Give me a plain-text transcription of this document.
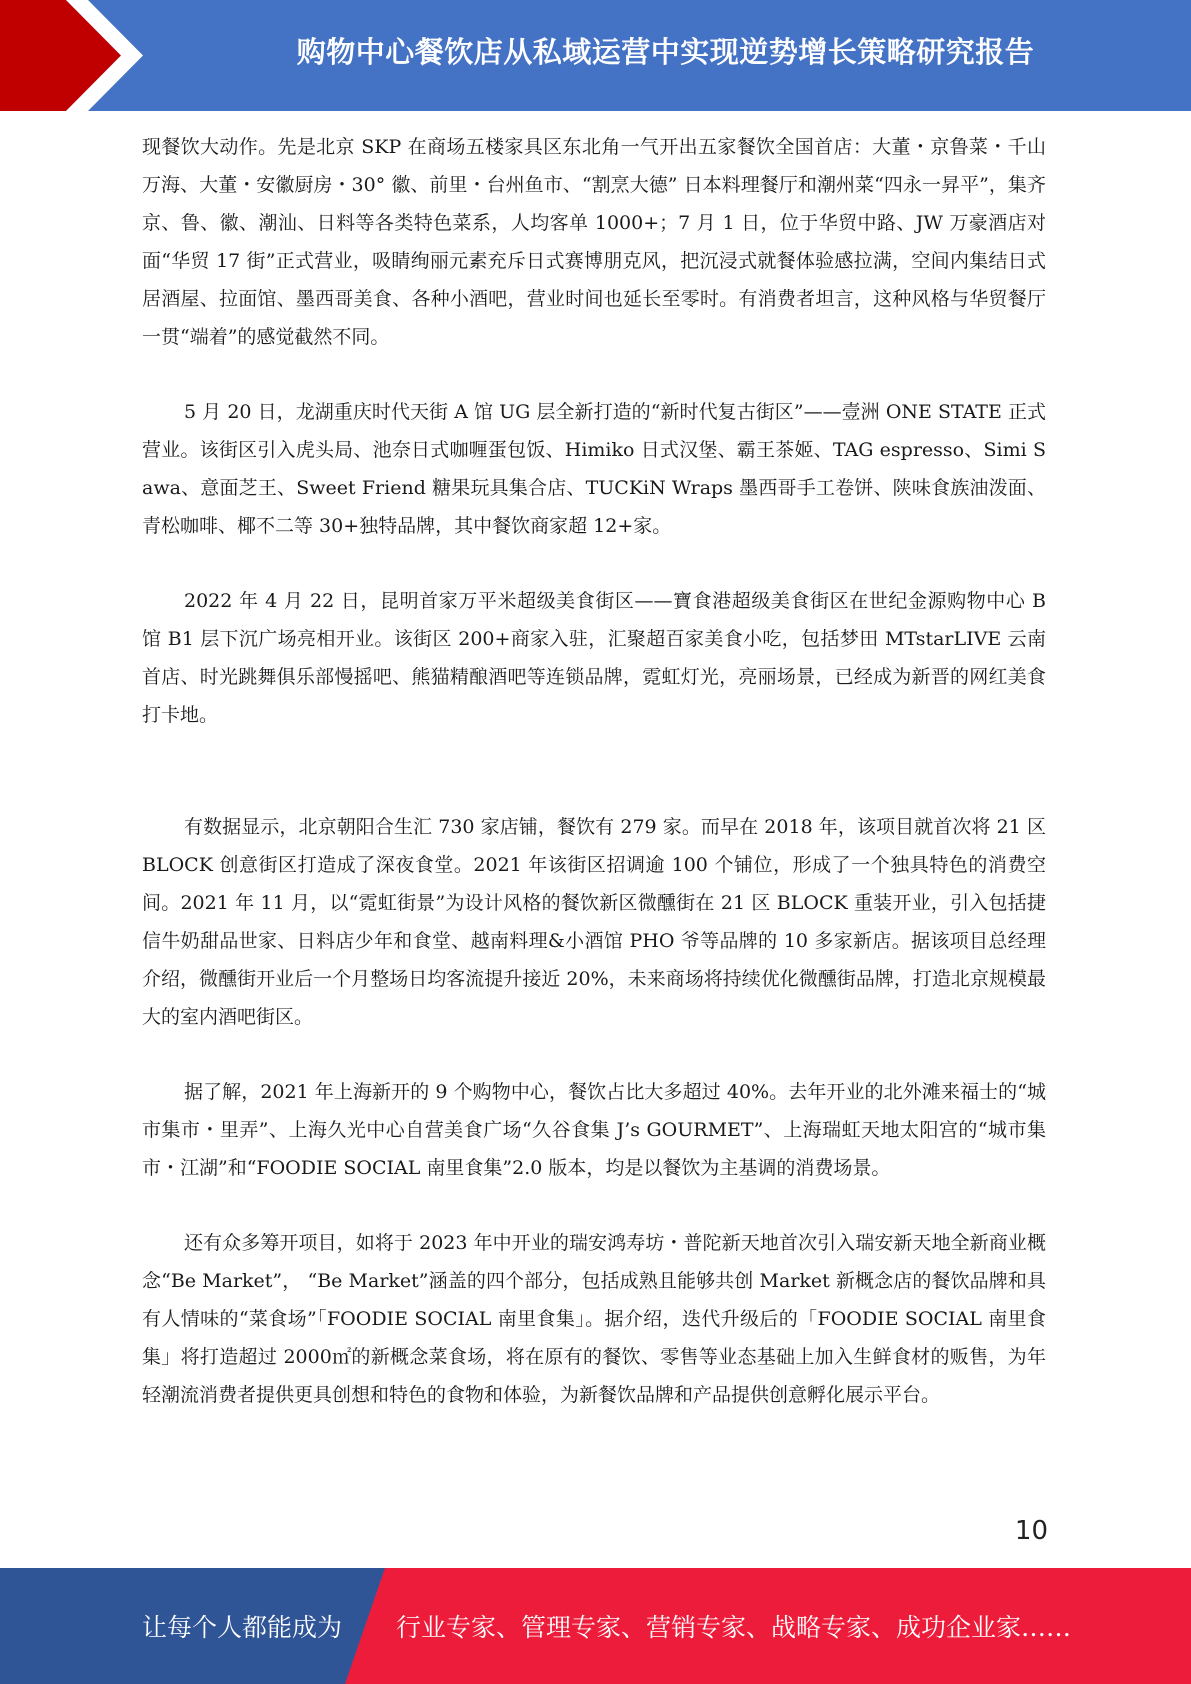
购物中心餐饮店从私域运营中实现逆势增长策略研究报告

现餐饮大动作。先是北京 SKP 在商场五楼家具区东北角一气开出五家餐饮全国首店：大董・京鲁菜・千山万海、大董・安徽厨房・30° 徽、前里・台州鱼市、“割烹大德” 日本料理餐厅和潮州菜“四永一昇平”，集齐京、鲁、徽、潮汕、日料等各类特色菜系，人均客单 1000+；7 月 1 日，位于华贸中路、JW 万豪酒店对面“华贸 17 街”正式营业，吸睛绚丽元素充斥日式赛博朋克风，把沉浸式就餐体验感拉满，空间内集结日式居酒屋、拉面馆、墨西哥美食、各种小酒吧，营业时间也延长至零时。有消费者坦言，这种风格与华贸餐厅一贯“端着”的感觉截然不同。

5 月 20 日，龙湖重庆时代天街 A 馆 UG 层全新打造的“新时代复古街区”——壹洲 ONE STATE 正式营业。该街区引入虎头局、池奈日式咖喱蛋包饭、Himiko 日式汉堡、霸王茶姬、TAG espresso、Simi Sawa、意面芝王、Sweet Friend 糖果玩具集合店、TUCKiN Wraps 墨西哥手工卷饼、陕味食族油泼面、青松咖啡、椰不二等 30+独特品牌，其中餐饮商家超 12+家。

2022 年 4 月 22 日，昆明首家万平米超级美食街区——寶食港超级美食街区在世纪金源购物中心 B 馆 B1 层下沉广场亮相开业。该街区 200+商家入驻，汇聚超百家美食小吃，包括梦田 MTstarLIVE 云南首店、时光跳舞俱乐部慢摇吧、熊猫精酿酒吧等连锁品牌，霓虹灯光，亮丽场景，已经成为新晋的网红美食打卡地。

有数据显示，北京朝阳合生汇 730 家店铺，餐饮有 279 家。而早在 2018 年，该项目就首次将 21 区 BLOCK 创意街区打造成了深夜食堂。2021 年该街区招调逾 100 个铺位，形成了一个独具特色的消费空间。2021 年 11 月，以“霓虹街景”为设计风格的餐饮新区微醺街在 21 区 BLOCK 重装开业，引入包括捷信牛奶甜品世家、日料店少年和食堂、越南料理&小酒馆 PHO 爷等品牌的 10 多家新店。据该项目总经理介绍，微醺街开业后一个月整场日均客流提升接近 20%，未来商场将持续优化微醺街品牌，打造北京规模最大的室内酒吧街区。

据了解，2021 年上海新开的 9 个购物中心，餐饮占比大多超过 40%。去年开业的北外滩来福士的“城市集市・里弄”、上海久光中心自营美食广场“久谷食集 J’s GOURMET”、上海瑞虹天地太阳宫的“城市集市・江湖”和“FOODIE SOCIAL 南里食集”2.0 版本，均是以餐饮为主基调的消费场景。

还有众多筹开项目，如将于 2023 年中开业的瑞安鸿寿坊・普陀新天地首次引入瑞安新天地全新商业概念“Be Market”， “Be Market”涵盖的四个部分，包括成熟且能够共创 Market 新概念店的餐饮品牌和具有人情味的“菜食场”「FOODIE SOCIAL 南里食集」。据介绍，迭代升级后的「FOODIE SOCIAL 南里食集」将打造超过 2000㎡的新概念菜食场，将在原有的餐饮、零售等业态基础上加入生鲜食材的贩售，为年轻潮流消费者提供更具创想和特色的食物和体验，为新餐饮品牌和产品提供创意孵化展示平台。

10
让每个人都能成为 行业专家、管理专家、营销专家、战略专家、成功企业家……
